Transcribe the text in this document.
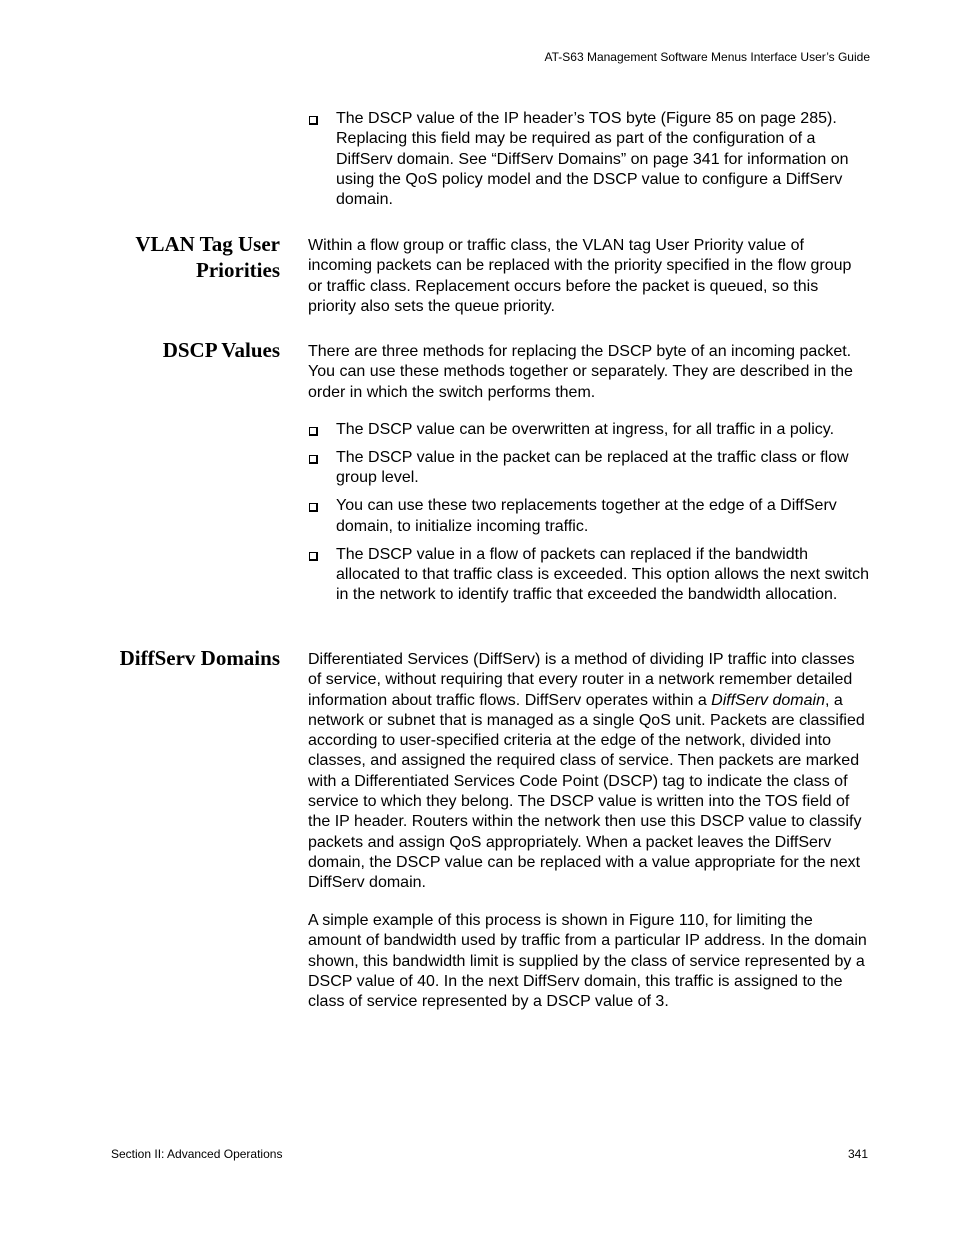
AT-S63 Management Software Menus Interface User’s Guide
The DSCP value of the IP header’s TOS byte (Figure 85 on page 285). Replacing this field may be required as part of the configuration of a DiffServ domain. See “DiffServ Domains” on page 341 for information on using the QoS policy model and the DSCP value to configure a DiffServ domain.
VLAN Tag User
Priorities

Within a flow group or traffic class, the VLAN tag User Priority value of incoming packets can be replaced with the priority specified in the flow group or traffic class. Replacement occurs before the packet is queued, so this priority also sets the queue priority.

DSCP Values There are three methods for replacing the DSCP byte of an incoming packet. You can use these methods together or separately. They are described in the order in which the switch performs them.

The DSCP value can be overwritten at ingress, for all traffic in a policy.
The DSCP value in the packet can be replaced at the traffic class or flow group level.
You can use these two replacements together at the edge of a DiffServ domain, to initialize incoming traffic.
The DSCP value in a flow of packets can replaced if the bandwidth allocated to that traffic class is exceeded. This option allows the next switch in the network to identify traffic that exceeded the bandwidth allocation.
DiffServ Domains Differentiated Services (DiffServ) is a method of dividing IP traffic into classes of service, without requiring that every router in a network remember detailed information about traffic flows. DiffServ operates within a DiffServ domain, a network or subnet that is managed as a single QoS unit. Packets are classified according to user-specified criteria at the edge of the network, divided into classes, and assigned the required class of service. Then packets are marked with a Differentiated Services Code Point (DSCP) tag to indicate the class of service to which they belong. The DSCP value is written into the TOS field of the IP header. Routers within the network then use this DSCP value to classify packets and assign QoS appropriately. When a packet leaves the DiffServ domain, the DSCP value can be replaced with a value appropriate for the next DiffServ domain.

A simple example of this process is shown in Figure 110, for limiting the amount of bandwidth used by traffic from a particular IP address. In the domain shown, this bandwidth limit is supplied by the class of service represented by a DSCP value of 40. In the next DiffServ domain, this traffic is assigned to the class of service represented by a DSCP value of 3.

Section II: Advanced Operations	341
